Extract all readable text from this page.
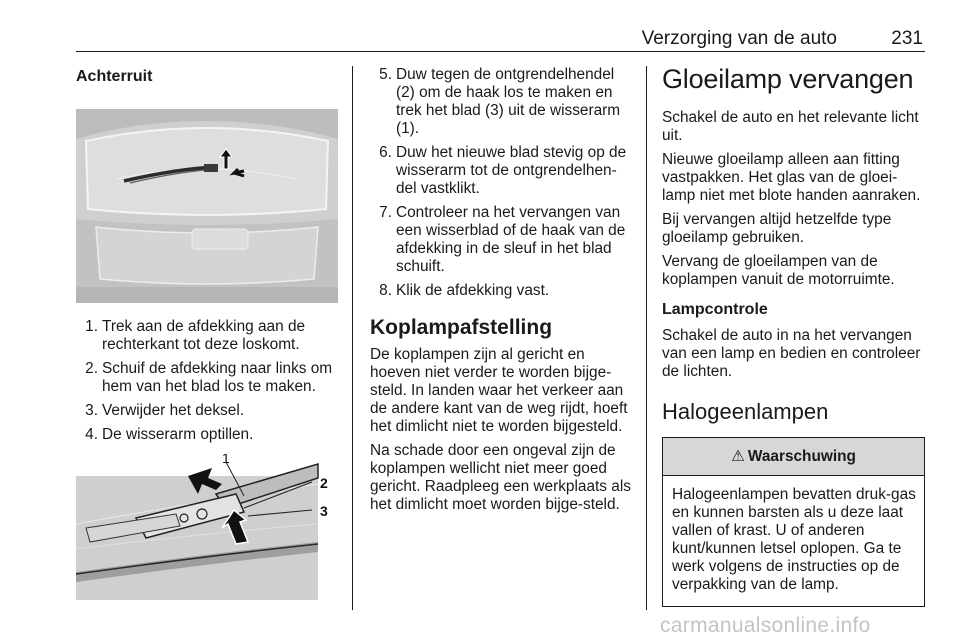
Verzorging van de auto	231
Achterruit
1. Trek aan de afdekking aan de rechterkant tot deze loskomt.
2. Schuif de afdekking naar links om hem van het blad los te maken.
3. Verwijder het deksel.
4. De wisserarm optillen.
1
2
3
5. Duw tegen de ontgrendelhendel (2) om de haak los te maken en trek het blad (3) uit de wisserarm (1).
6. Duw het nieuwe blad stevig op de wisserarm tot de ontgrendelhen-del vastklikt.
7. Controleer na het vervangen van een wisserblad of de haak van de afdekking in de sleuf in het blad schuift.
8. Klik de afdekking vast.
Koplampafstelling
De koplampen zijn al gericht en hoeven niet verder te worden bijge-steld. In landen waar het verkeer aan de andere kant van de weg rijdt, hoeft het dimlicht niet te worden bijgesteld.
Na schade door een ongeval zijn de koplampen wellicht niet meer goed gericht. Raadpleeg een werkplaats als het dimlicht moet worden bijge-steld.
Gloeilamp vervangen
Schakel de auto en het relevante licht uit.
Nieuwe gloeilamp alleen aan fitting vastpakken. Het glas van de gloei-lamp niet met blote handen aanraken.
Bij vervangen altijd hetzelfde type gloeilamp gebruiken.
Vervang de gloeilampen van de koplampen vanuit de motorruimte.
Lampcontrole
Schakel de auto in na het vervangen van een lamp en bedien en controleer de lichten.
Halogeenlampen
⚠ Waarschuwing
Halogeenlampen bevatten druk-gas en kunnen barsten als u deze laat vallen of krast. U of anderen kunt/kunnen letsel oplopen. Ga te werk volgens de instructies op de verpakking van de lamp.
carmanualsonline.info
